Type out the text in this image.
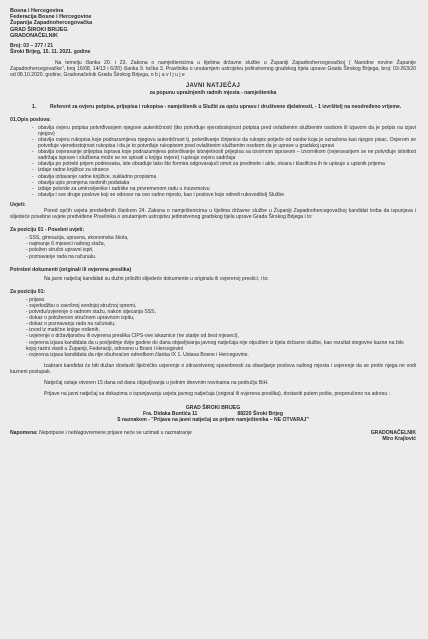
Bosna i Hercegovina
Federacija Bosne i Hercegovine
Županija Zapadnohercegovačka
GRAD ŠIROKI BRIJEG
GRADONAČELNIK
Broj: 03 – 377 / 21
Široki Brijeg, 15. 11. 2021. godine

Na temelju članka 20. i 23. Zakona o namještenicima u tijelima državne službe u Županiji Zapadnohercegovačkoj ( Narodne novine Županije Zapadnohercegovačke", broj 16/08, 14/13 i 6/20) članka 9. točka 3. Pravilnika o unutarnjem ustrojstvu jedinstvenog gradskog tijela uprave Grada Širokog Brijega, broj: 03-263/20 od 08.10.2020. godine, Gradonačelnik Grada Širokog Brijega, o b j a v l j u j e

JAVNI NATJEČAJ
za popunu upražnjenih radnih mjesta - namještenika
1.	Referent za ovjeru potpisa, prijepisa i rukopisa - namještenik u Službi za opću upravu i društvene djelatnosti, - 1 izvršitelj na neodređeno vrijeme.
01.Opis poslova:
- obavlja ovjeru potpisa potvrđivanjem njegove autentičnosti (tko potvrđuje vjerodostojnost potpisa pred ovlaštenim službenim osobom ili izjavom da je potpis na izjavi njegov)
- obavlja ovjeru rukopisa koje podrazumijeva njegovu autentičnost tj. potvrđivanje činjenice da rukopis potječe od osobe koja je označena kao njegov pisac. Ovjerom se potvrđuje vjerodostojnost rukopisa i da je to potvrđuje rukopisom pred ovlaštenim službenim osobom da je uprave u gradskoj upravi
- obavlja ovjeravanje prijepisa isprava koje podrazumijeva potvrđivanje istovjetnosti prijepisa sa izvornom ispravom – izvornikom (ovjeravanjem se ne potvrđuje istinitost sadržaja isprave i službena može se ne upisati u knjigu ovjere) i upisuje ovjeru sadržaja
- obavlja po potrebi prijem podnesaka, iste obrađuje tako što formira odgovarajući omot za predmete i akte, otvara i klasificira ih te upisuje u upisnik prijema
- izdaje radne knjižice za strance
- obavlja izdavanje radne knjižice, sukladno propisima
- obavlja upis promjena osobnih podataka
- izdaje potvrde za umirovljenike i radnike na privremenom radu u inozemstvu
- obavlja i sve druge poslove koji se odnose na ovo radno mjesto, kao i poslove koje odredi rukovoditelj Službe
Uvjeti:

Pored općih uvjeta predviđenih člankom 24. Zakona o namještenicima u tijelima državne službe u Županiji Zapadnohercegovačkoj kandidat treba da ispunjava i slijedeće posebne uvjete predviđene Pravilnika o unutarnjem ustrojstvu jedinstvenog gradskog tijela uprave Grada Širokog Brijega i to:

Za poziciju 01 - Posebni uvjeti:
- SSS, gimnazija, upravna, ekonomska škola,
- najmanje 6 mjeseci radnog staža,
- položen stručni upravni ispit,
- poznavanje rada na računalu.
Potrebni dokumenti (originali ili ovjerena preslika)

Na javni natječaj kandidati su dužni priložiti slijedeće dokumente u originalu ili ovjerenoj preslici, i to:

Za poziciju 01:
- prijava
- svjedodžbu o završnoj srednjoj stručnoj spremi,
- potvrdu/uvjerenje o radnom stažu, nakon stjecanja SSS,
- dokaz o položenom stručnom upravnom ispitu,
- dokaz o poznavanju rada na računalu,
- izvod iz matične knjige rođenih,
- uvjerenje o državljanstvu ili ovjerena preslika CIPS-ove iskaznice (ne starije od šest mjeseci),
- ovjerena izjava kandidata da u posljednje dvije godine do dana objavljivanja javnog natječaja nije otpušten iz tijela državne službe, kao rezultat stegovne kazne na bilo kojoj razini vlasti u Županiji, Federaciji, odnosno u Bosni i Hercegovini
- ovjerena izjava kandidata da nije obuhvaćen odredbom članka IX 1. Ustava Bosne i Hercegovine.

Izabrani kandidat će biti dužan dostaviti liječničko uvjerenje o zdravstvenoj sposobnosti za obavljanje poslova radnog mjesta i uvjerenje da se protiv njega ne vodi kazneni postupak.

Natječaj ostaje otvoren 15 dana od dana objavljivanja u jednim dnevnim novinama na području BiH.

Prijave na javni natječaj sa dokazima o ispunjavanju uvjeta javnog natječaja (original ili ovjerena preslika), dostaviti putem pošte, preporučeno na adresu :

GRAD ŠIROKI BRIJEG
Fra. Didaka Buntića 11	88220 Široki Brijeg
S naznakom - "Prijava na javni natječaj za prijem namještenika – NE OTVARAJ"
Napomena: Nepotpune i neblagovremene prijave neće se uzimati u razmatranje	GRADONAČELNIK
Miro Krajlović
